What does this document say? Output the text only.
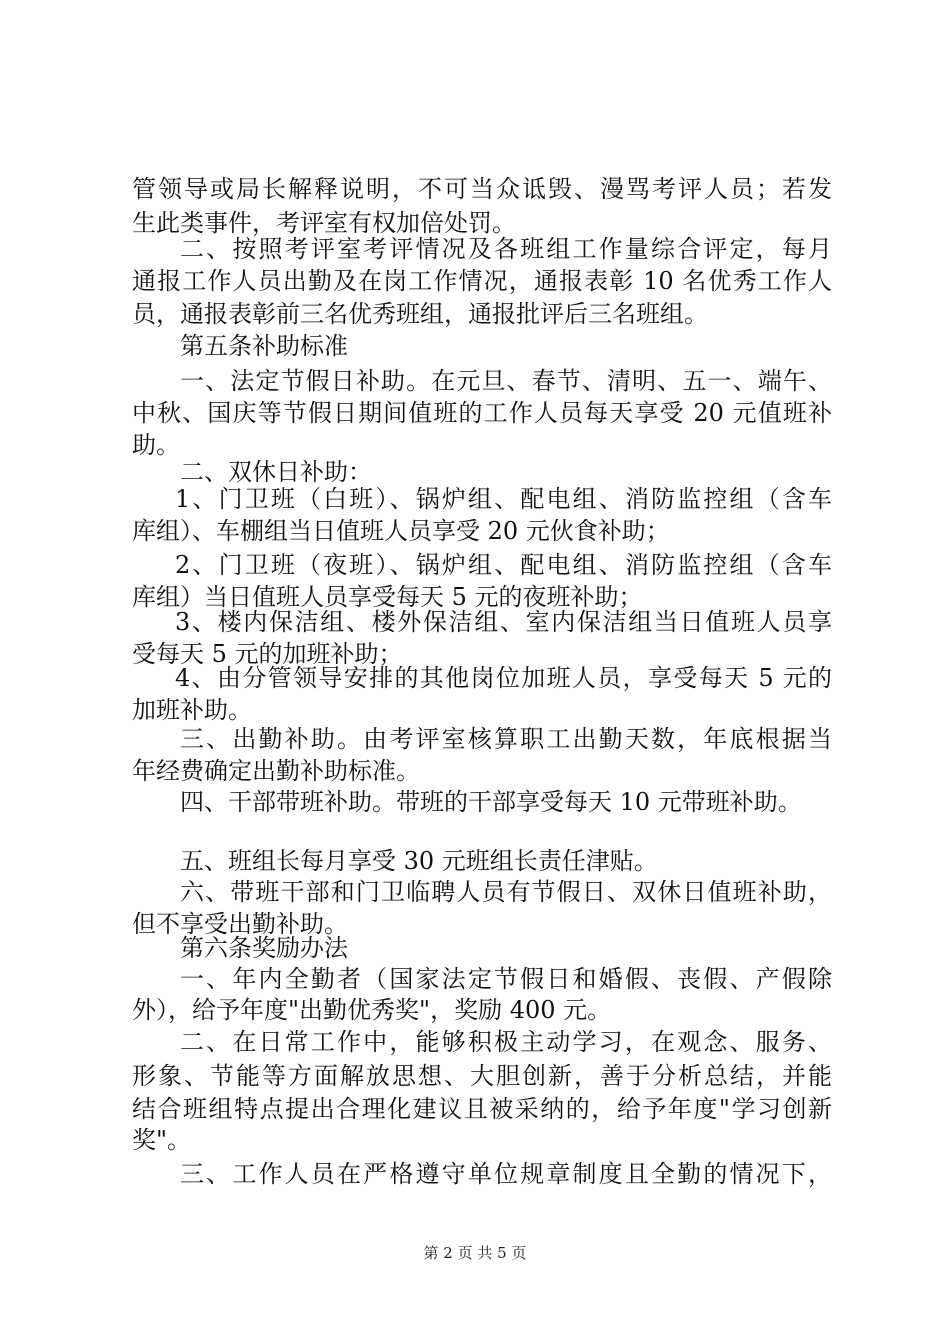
管领导或局长解释说明，不可当众诋毁、漫骂考评人员；若发
生此类事件，考评室有权加倍处罚。
二、按照考评室考评情况及各班组工作量综合评定，每月
通报工作人员出勤及在岗工作情况，通报表彰 10 名优秀工作人
员，通报表彰前三名优秀班组，通报批评后三名班组。
第五条补助标准
一、法定节假日补助。在元旦、春节、清明、五一、端午、
中秋、国庆等节假日期间值班的工作人员每天享受 20 元值班补
助。
二、双休日补助：
1、门卫班（白班）、锅炉组、配电组、消防监控组（含车
库组）、车棚组当日值班人员享受 20 元伙食补助；
2、门卫班（夜班）、锅炉组、配电组、消防监控组（含车
库组）当日值班人员享受每天 5 元的夜班补助；
3、楼内保洁组、楼外保洁组、室内保洁组当日值班人员享
受每天 5 元的加班补助；
4、由分管领导安排的其他岗位加班人员，享受每天 5 元的
加班补助。
三、出勤补助。由考评室核算职工出勤天数，年底根据当
年经费确定出勤补助标准。
四、干部带班补助。带班的干部享受每天 10 元带班补助。
五、班组长每月享受 30 元班组长责任津贴。
六、带班干部和门卫临聘人员有节假日、双休日值班补助，
但不享受出勤补助。
第六条奖励办法
一、年内全勤者（国家法定节假日和婚假、丧假、产假除
外），给予年度"出勤优秀奖"，奖励 400 元。
二、在日常工作中，能够积极主动学习，在观念、服务、
形象、节能等方面解放思想、大胆创新，善于分析总结，并能
结合班组特点提出合理化建议且被采纳的，给予年度"学习创新
奖"。
三、工作人员在严格遵守单位规章制度且全勤的情况下，
第 2 页 共 5 页
